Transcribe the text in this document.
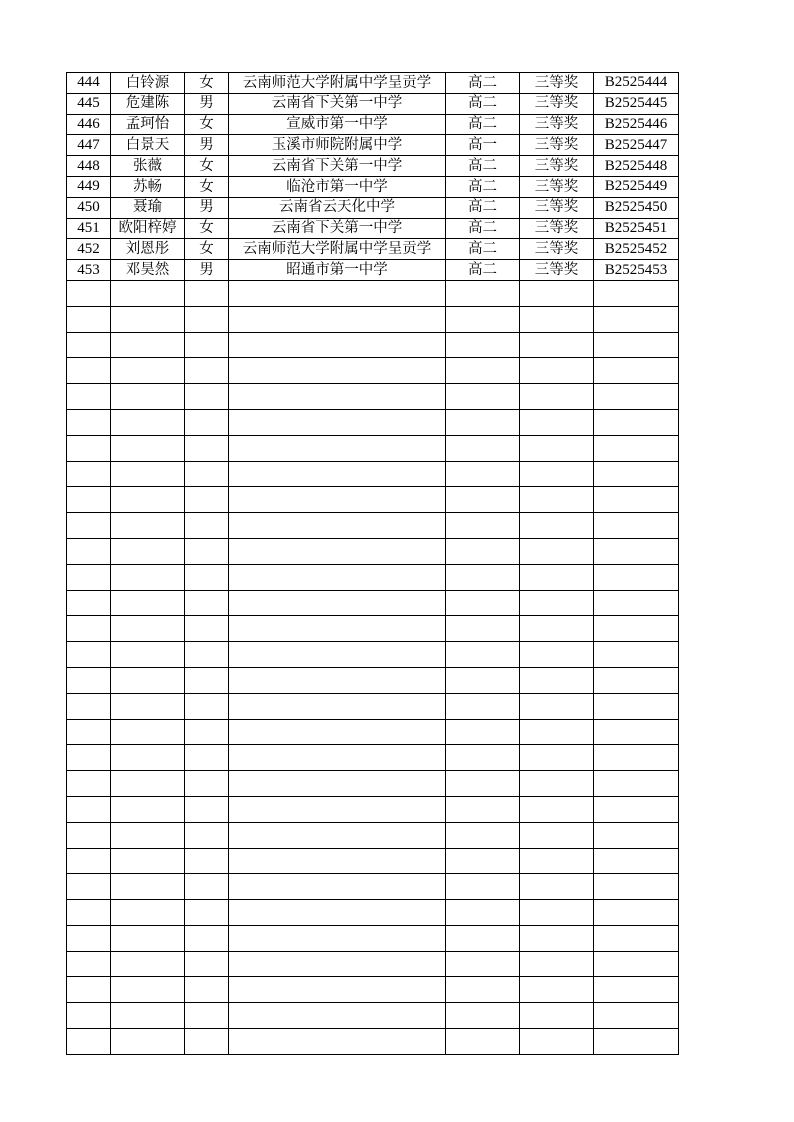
444	白铃源	女	云南师范大学附属中学呈贡学	高二	三等奖	B2525444
445	危建陈	男	云南省下关第一中学	高二	三等奖	B2525445
446	孟珂怡	女	宣威市第一中学	高二	三等奖	B2525446
447	白景天	男	玉溪市师院附属中学	高一	三等奖	B2525447
448	张薇	女	云南省下关第一中学	高二	三等奖	B2525448
449	苏畅	女	临沧市第一中学	高二	三等奖	B2525449
450	聂瑜	男	云南省云天化中学	高二	三等奖	B2525450
451	欧阳梓婷	女	云南省下关第一中学	高二	三等奖	B2525451
452	刘恩彤	女	云南师范大学附属中学呈贡学	高二	三等奖	B2525452
453	邓昊然	男	昭通市第一中学	高二	三等奖	B2525453
